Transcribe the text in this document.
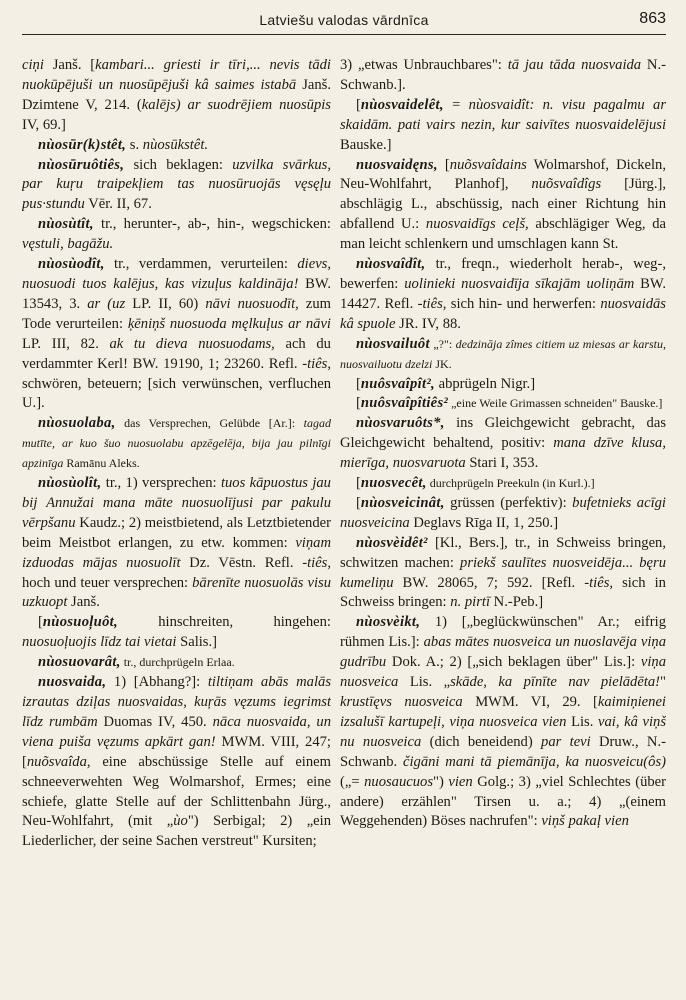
Latviešu valodas vārdnīca	863

ciņi Janš. [kambari... griesti ir tīri,... nevis tādi nuokūpējuši un nuosūpējuši kâ saimes istabā Janš. Dzimtene V, 214. (kalējs) ar suodrējiem nuosūpis IV, 69.]

nùosūr(k)stêt, s. nùosūkstêt.

nùosūruôtiês, sich beklagen: uzvilka svārkus, par kuŗu traipekļiem tas nuosūruojās vęsęļu pus·stundu Vēr. II, 67.

nùosùtît, tr., herunter-, ab-, hin-, wegschicken: vęstuli, bagāžu.

nùosùodît, tr., verdammen, verurteilen: dievs, nuosuodi tuos kalējus, kas vizuļus kaldināja! BW. 13543, 3. ar (uz LP. II, 60) nāvi nuosuodīt, zum Tode verurteilen: ķēniņš nuosuoda męlkuļus ar nāvi LP. III, 82. ak tu dieva nuosuodams, ach du verdammter Kerl! BW. 19190, 1; 23260. Refl. -tiês, schwören, beteuern; [sich verwünschen, verfluchen U.].

nùosuolaba, das Versprechen, Gelübde [Ar.]: tagad mutīte, ar kuo šuo nuosuolabu apzēgelēja, bija jau pilnīgi apzinīga Ramānu Aleks.

nùosùolît, tr., 1) versprechen: tuos kāpuostus jau bij Annužai mana māte nuosuolījusi par pakulu vērpšanu Kaudz.; 2) meistbietend, als Letztbietender beim Meistbot erlangen, zu etw. kommen: viņam izduodas mājas nuosuolīt Dz. Vēstn. Refl. -tiês, hoch und teuer versprechen: bārenīte nuosuolās visu uzkuopt Janš.

[nùosuoļuôt, hinschreiten, hingehen: nuosuoļuojis līdz tai vietai Salis.]

nùosuovarât, tr., durchprügeln Erlaa.

nuosvaida, 1) [Abhang?]: tiltiņam abās malās izrautas dziļas nuosvaidas, kuŗās vęzums iegrimst līdz rumbām Duomas IV, 450. nāca nuosvaida, un viena puiša vęzums apkārt gan! MWM. VIII, 247; [nuõsvaîda, eine abschüssige Stelle auf einem schneeverwehten Weg Wolmarshof, Ermes; eine schiefe, glatte Stelle auf der Schlittenbahn Jürg., Neu-Wohlfahrt, (mit „ùo") Serbigal; 2) „ein Liederlicher, der seine Sachen verstreut" Kursiten;

3) „etwas Unbrauchbares": tā jau tāda nuosvaida N.-Schwanb.].

[nùosvaidelêt, = nùosvaidît: n. visu pagalmu ar skaidām. pati vairs nezin, kur saivītes nuosvaidelējusi Bauske.]

nuosvaidęns, [nuõsvaîdains Wolmarshof, Dickeln, Neu-Wohlfahrt, Planhof], nuõsvaîdîgs [Jürg.], abschlägig L., abschüssig, nach einer Richtung hin abfallend U.: nuosvaidīgs ceļš, abschlägiger Weg, da man leicht schlenkern und umschlagen kann St.

nùosvaîdît, tr., freqn., wiederholt herab-, weg-, bewerfen: uolinieki nuosvaidīja sīkajām uoliņām BW. 14427. Refl. -tiês, sich hin- und herwerfen: nuosvaidās kâ spuole JR. IV, 88.

nùosvailuôt „?": dedzināja zîmes citiem uz miesas ar karstu, nuosvailuotu dzelzi JK.

[nuôsvaîpît², abprügeln Nigr.]

[nuôsvaîpîtiês² „eine Weile Grimassen schneiden" Bauske.]

nùosvaruôts*, ins Gleichgewicht gebracht, das Gleichgewicht behaltend, positiv: mana dzīve klusa, mierīga, nuosvaruota Stari I, 353.

[nuosvecêt, durchprügeln Preekuln (in Kurl.).]

[nùosveicinât, grüssen (perfektiv): bufetnieks acīgi nuosveicina Deglavs Rīga II, 1, 250.]

nùosvèidêt² [Kl., Bers.], tr., in Schweiss bringen, schwitzen machen: priekš saulītes nuosveidēja... bęru kumeliņu BW. 28065, 7; 592. [Refl. -tiês, sich in Schweiss bringen: n. pirtī N.-Peb.]

nùosvèikt, 1) [„beglückwünschen" Ar.; eifrig rühmen Lis.]: abas mātes nuosveica un nuoslavēja viņa gudrību Dok. A.; 2) [„sich beklagen über" Lis.]: viņa nuosveica Lis. „skāde, ka pīnīte nav pielādēta!" krustīęvs nuosveica MWM. VI, 29. [kaimiņienei izsalušī kartupeļi, viņa nuosveica vien Lis. vai, kâ viņš nu nuosveica (dich beneidend) par tevi Druw., N.-Schwanb. čigāni mani tā piemānīja, ka nuosveicu(ôs) („= nuosaucuos") vien Golg.; 3) „viel Schlechtes (über andere) erzählen" Tirsen u. a.; 4) „(einem Weggehenden) Böses nachrufen": viņš pakaļ vien
